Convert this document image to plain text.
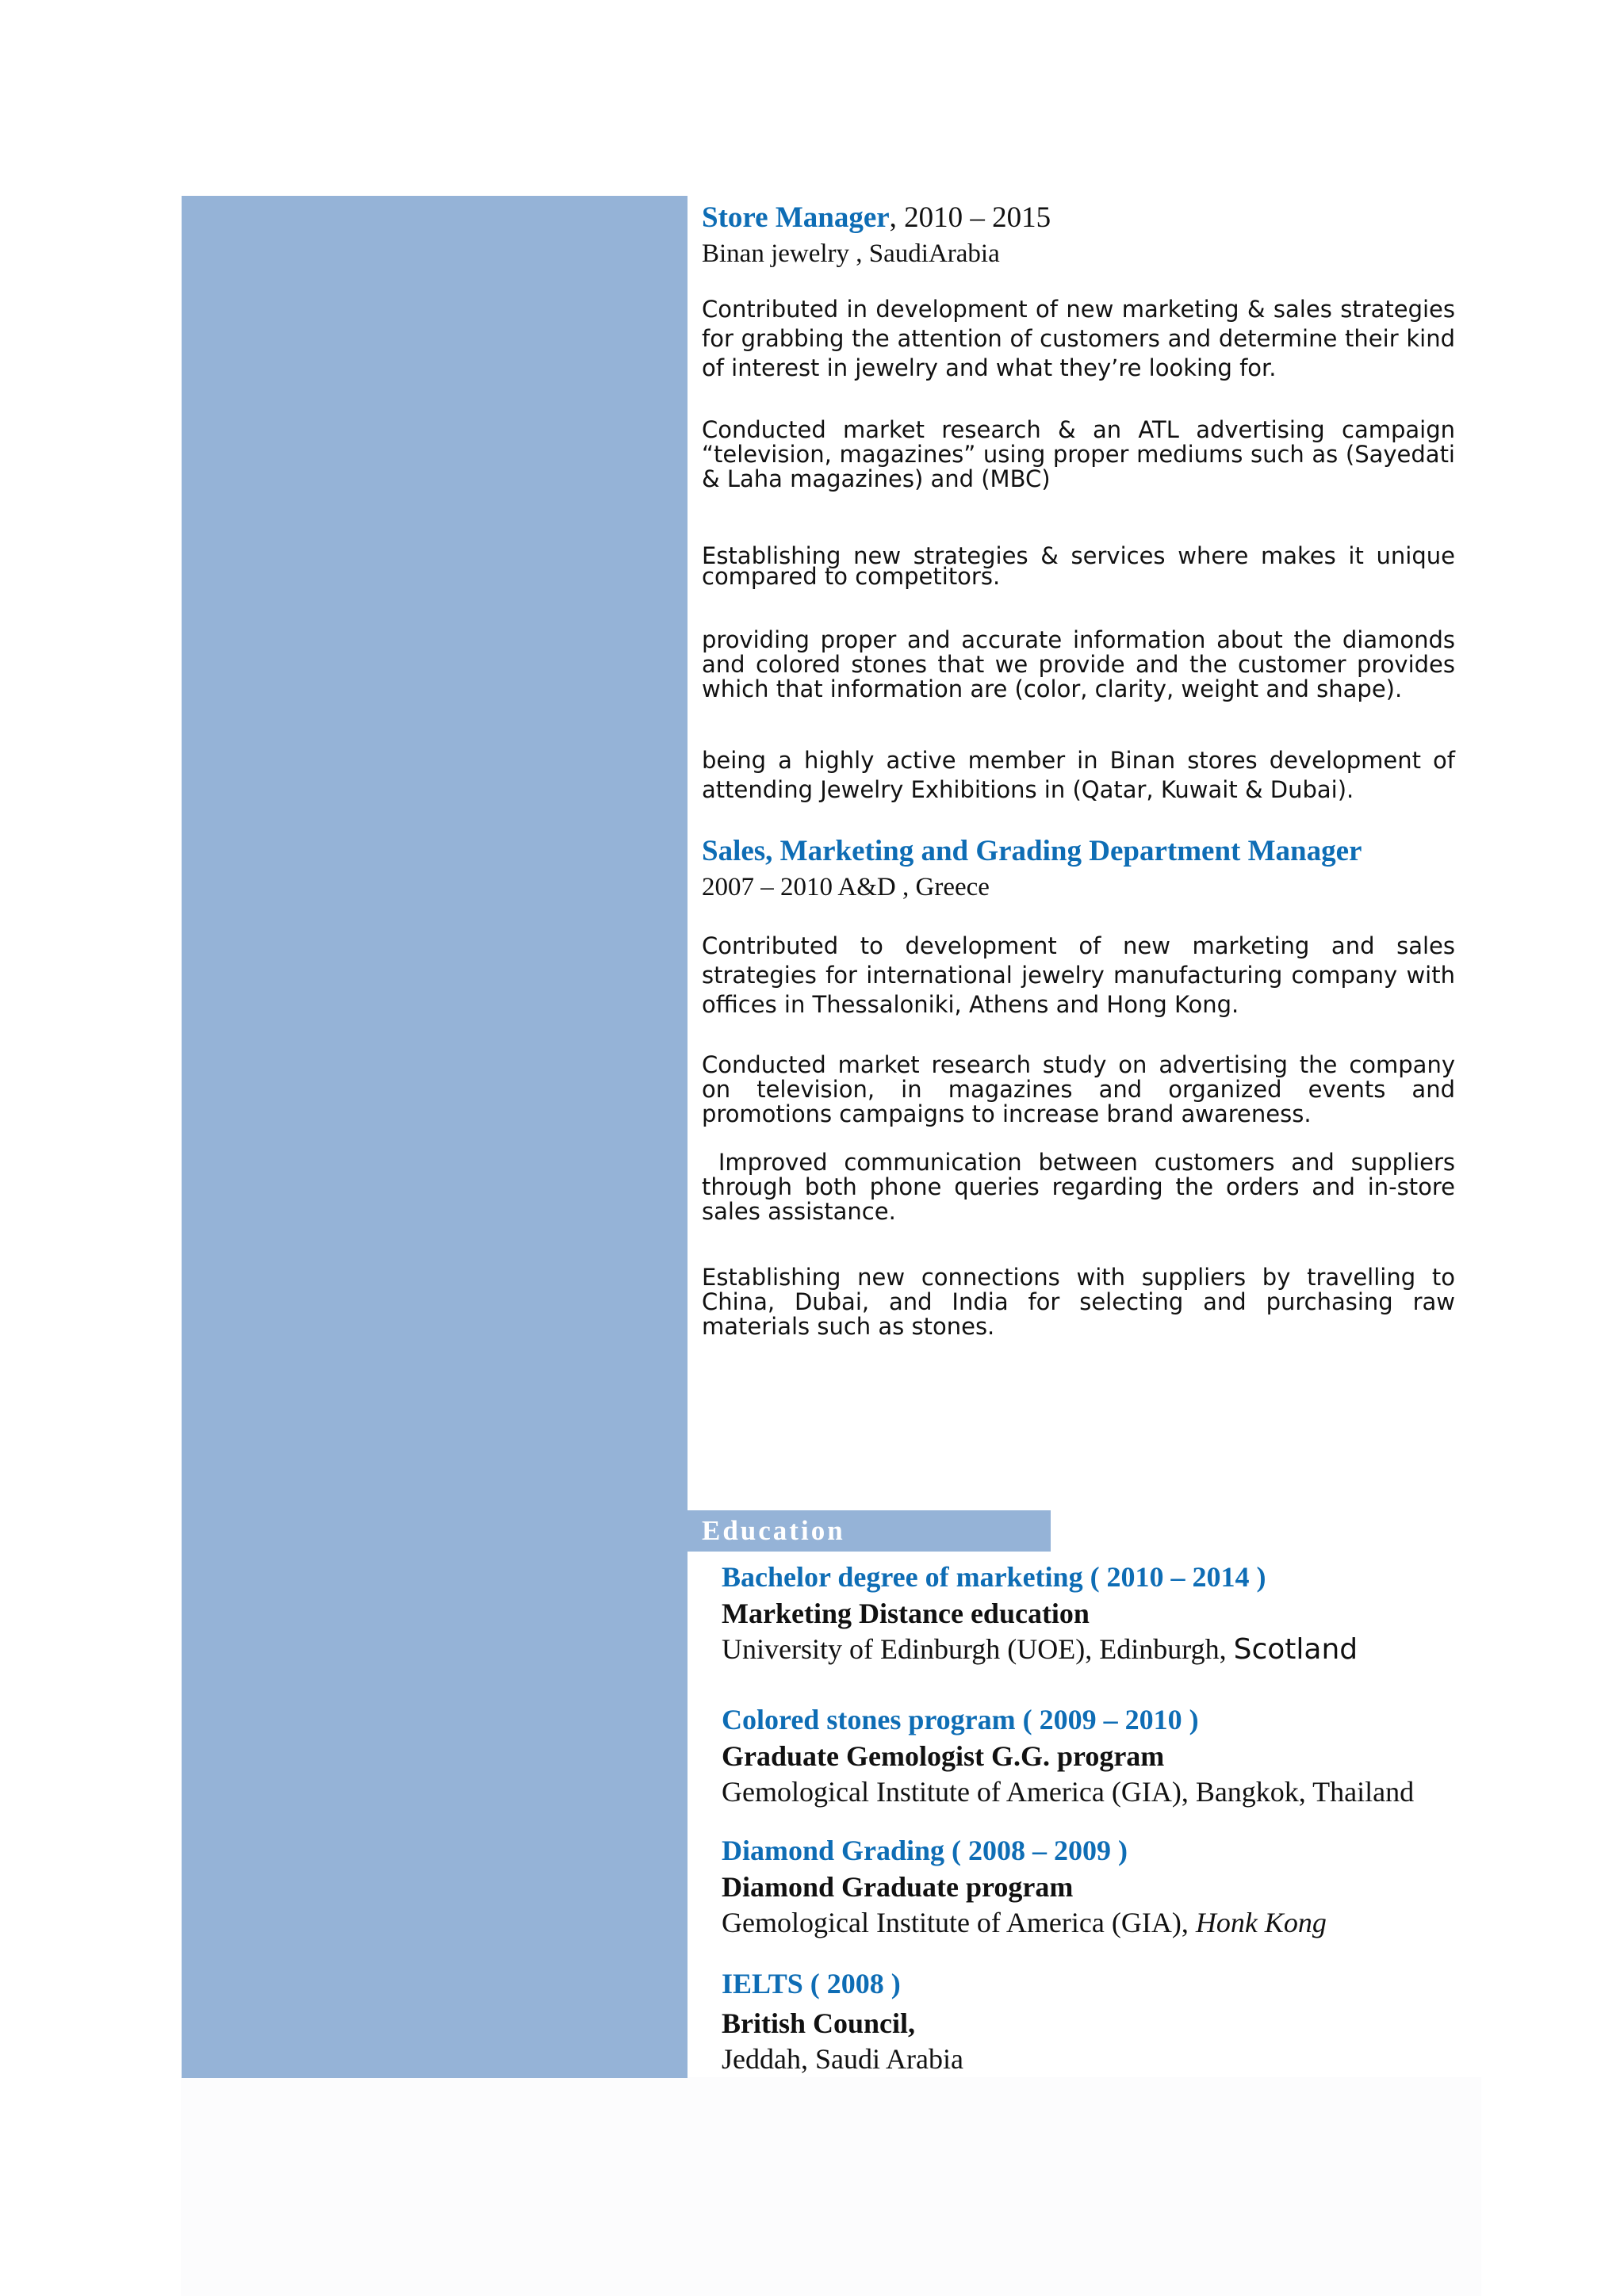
Store Manager, 2010 – 2015

Binan jewelry , SaudiArabia

Contributed in development of new marketing & sales strategies for grabbing the attention of customers and determine their kind of interest in jewelry and what they’re looking for.

Conducted market research & an ATL advertising campaign “television, magazines” using proper mediums such as (Sayedati & Laha magazines) and (MBC)

Establishing new strategies & services where makes it unique compared to competitors.

providing proper and accurate information about the diamonds and colored stones that we provide and the customer provides which that information are (color, clarity, weight and shape).

being a highly active member in Binan stores development of attending Jewelry Exhibitions in (Qatar, Kuwait & Dubai).

Sales, Marketing and Grading Department Manager

2007 – 2010 A&D , Greece

Contributed to development of new marketing and sales strategies for international jewelry manufacturing company with offices in Thessaloniki, Athens and Hong Kong.

Conducted market research study on advertising the company on television, in magazines and organized events and promotions campaigns to increase brand awareness.

Improved communication between customers and suppliers through both phone queries regarding the orders and in-store sales assistance.

Establishing new connections with suppliers by travelling to China, Dubai, and India for selecting and purchasing raw materials such as stones.

Education

Bachelor degree of marketing ( 2010 – 2014 )

Marketing Distance education

University of Edinburgh (UOE), Edinburgh, Scotland

Colored stones program ( 2009 – 2010 )

Graduate Gemologist G.G. program

Gemological Institute of America (GIA), Bangkok, Thailand

Diamond Grading ( 2008 – 2009 )

Diamond Graduate program

Gemological Institute of America (GIA), Honk Kong

IELTS ( 2008 )

British Council,

Jeddah, Saudi Arabia
